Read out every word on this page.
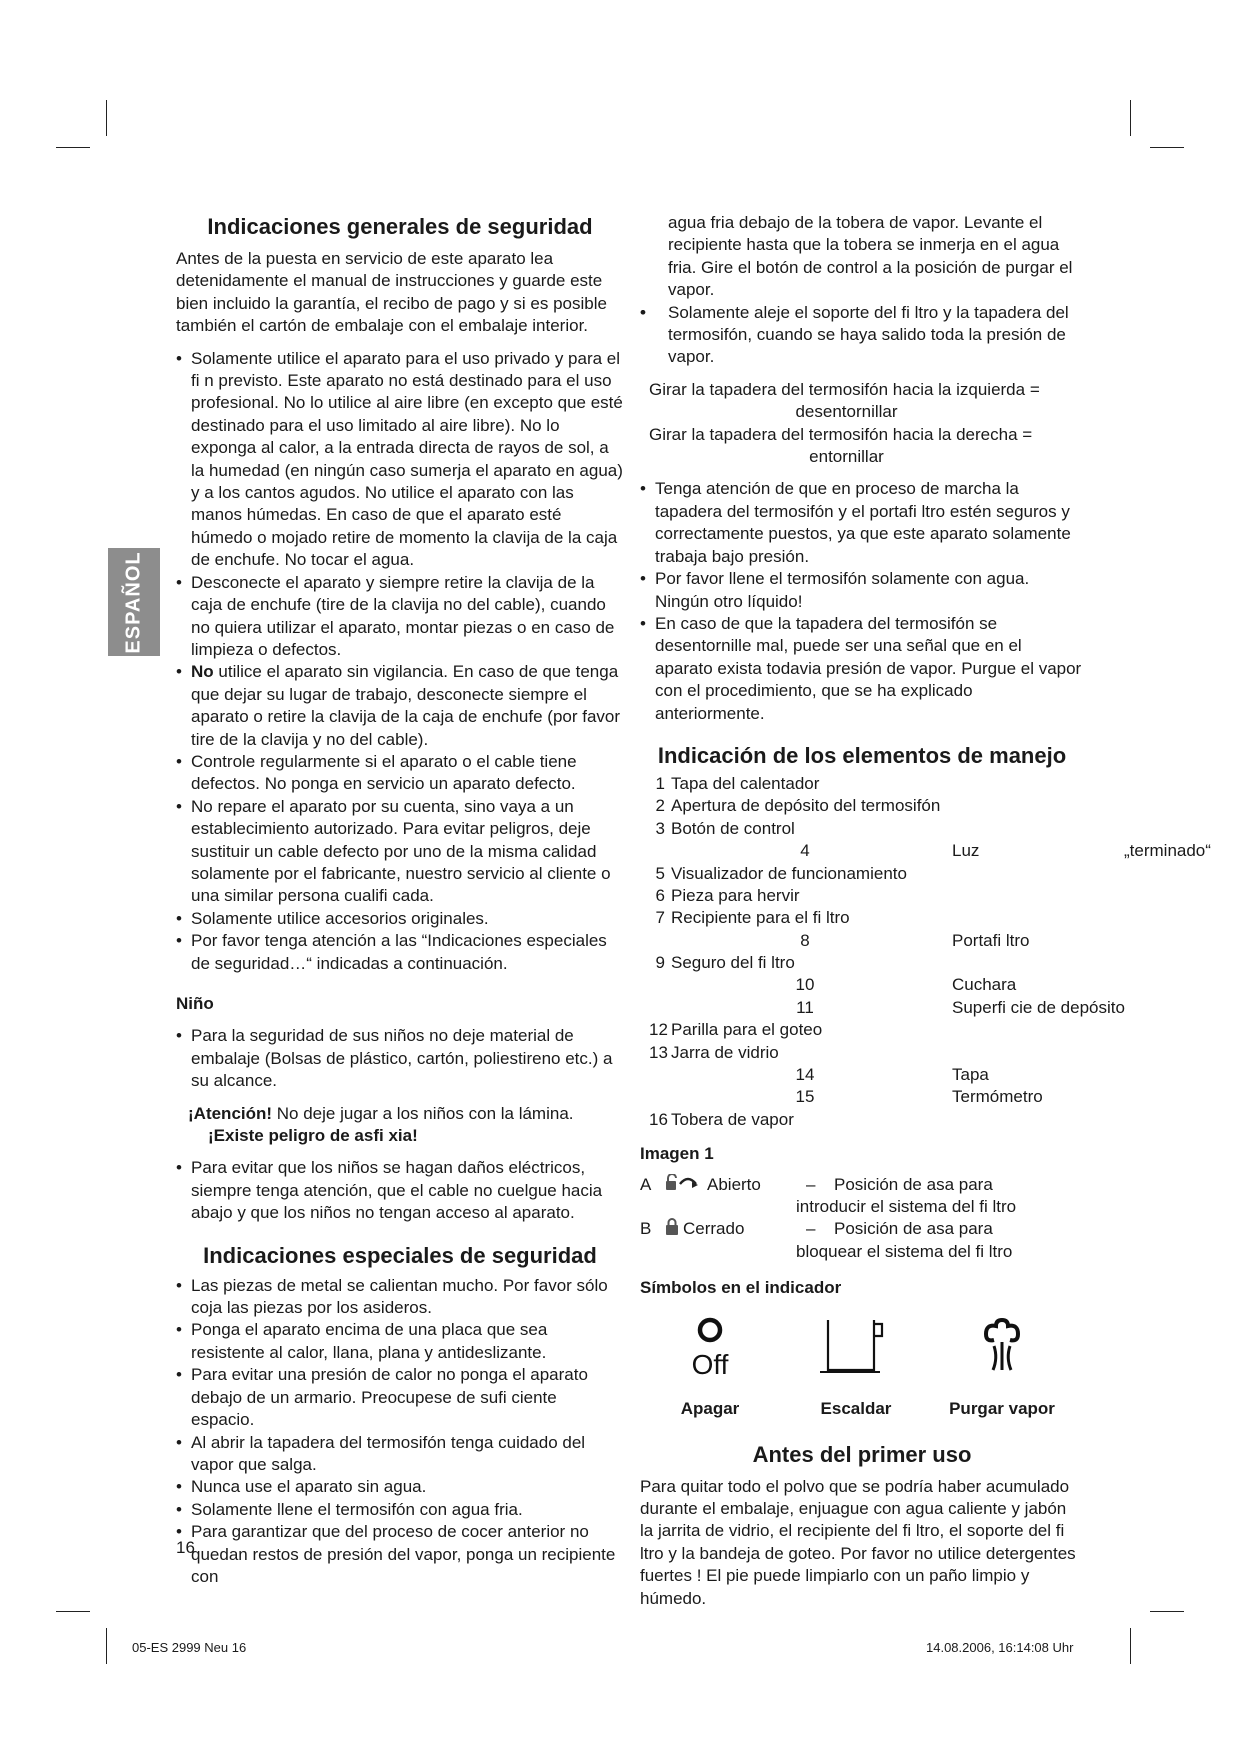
ESPAÑOL
Indicaciones generales de seguridad

Antes de la puesta en servicio de este aparato lea detenidamente el manual de instrucciones y guarde este bien incluido la garantía, el recibo de pago y si es posible también el cartón de embalaje con el embalaje interior.

• Solamente utilice el aparato para el uso privado y para el fi n previsto. Este aparato no está destinado para el uso profesional. No lo utilice al aire libre (en excepto que esté destinado para el uso limitado al aire libre). No lo exponga al calor, a la entrada directa de rayos de sol, a la humedad (en ningún caso sumerja el aparato en agua) y a los cantos agudos. No utilice el aparato con las manos húmedas. En caso de que el aparato esté húmedo o mojado retire de momento la clavija de la caja de enchufe. No tocar el agua.
• Desconecte el aparato y siempre retire la clavija de la caja de enchufe (tire de la clavija no del cable), cuando no quiera utilizar el aparato, montar piezas o en caso de limpieza o defectos.
• No utilice el aparato sin vigilancia. En caso de que tenga que dejar su lugar de trabajo, desconecte siempre el aparato o retire la clavija de la caja de enchufe (por favor tire de la clavija y no del cable).
• Controle regularmente si el aparato o el cable tiene defectos. No ponga en servicio un aparato defecto.
• No repare el aparato por su cuenta, sino vaya a un establecimiento autorizado. Para evitar peligros, deje sustituir un cable defecto por uno de la misma calidad solamente por el fabricante, nuestro servicio al cliente o una similar persona cualifi cada.
• Solamente utilice accesorios originales.
• Por favor tenga atención a las “Indicaciones especiales de seguridad…“ indicadas a continuación.

Niño

• Para la seguridad de sus niños no deje material de embalaje (Bolsas de plástico, cartón, poliestireno etc.) a su alcance.

¡Atención! No deje jugar a los niños con la lámina.

¡Existe peligro de asfi xia!

• Para evitar que los niños se hagan daños eléctricos, siempre tenga atención, que el cable no cuelgue hacia abajo y que los niños no tengan acceso al aparato.
Indicaciones especiales de seguridad
• Las piezas de metal se calientan mucho. Por favor sólo coja las piezas por los asideros.
• Ponga el aparato encima de una placa que sea resistente al calor, llana, plana y antideslizante.
• Para evitar una presión de calor no ponga el aparato debajo de un armario. Preocupese de sufi ciente espacio.
• Al abrir la tapadera del termosifón tenga cuidado del vapor que salga.
• Nunca use el aparato sin agua.
• Solamente llene el termosifón con agua fria.
• Para garantizar que del proceso de cocer anterior no quedan restos de presión del vapor, ponga un recipiente con

agua fria debajo de la tobera de vapor. Levante el recipiente hasta que la tobera se inmerja en el agua fria. Gire el botón de control a la posición de purgar el vapor.

• • Solamente aleje el soporte del fi ltro y la tapadera del termosifón, cuando se haya salido toda la presión de vapor.

Girar la tapadera del termosifón hacia la izquierda =

desentornillar

Girar la tapadera del termosifón hacia la derecha =

entornillar

• Tenga atención de que en proceso de marcha la tapadera del termosifón y el portafi ltro estén seguros y correctamente puestos, ya que este aparato solamente trabaja bajo presión.
• Por favor llene el termosifón solamente con agua. Ningún otro líquido!
• En caso de que la tapadera del termosifón se desentornille mal, puede ser una señal que en el aparato exista todavia presión de vapor. Purgue el vapor con el procedimiento, que se ha explicado anteriormente.
Indicación de los elementos de manejo
1 Tapa del calentador
2 Apertura de depósito del termosifón
3 Botón de control
4	Luz	„terminado“
5 Visualizador de funcionamiento
6 Pieza para hervir
7 Recipiente para el fi ltro
8	Portafi ltro
9 Seguro del fi ltro
10	Cuchara
11	Superfi cie de depósito
12 Parilla para el goteo
13 Jarra de vidrio
14	Tapa
15	Termómetro
16 Tobera de vapor

Imagen 1

A	Abierto	– Posición de asa para
introducir el sistema del fi ltro
B Cerrado	– Posición de asa para
bloquear el sistema del fi ltro

Símbolos en el indicador

Off
Apagar	Escaldar	Purgar vapor
Antes del primer uso

Para quitar todo el polvo que se podría haber acumulado durante el embalaje, enjuague con agua caliente y jabón la jarrita de vidrio, el recipiente del fi ltro, el soporte del fi ltro y la bandeja de goteo. Por favor no utilice detergentes fuertes ! El pie puede limpiarlo con un paño limpio y húmedo.

16
05-ES 2999 Neu 16	14.08.2006, 16:14:08 Uhr
